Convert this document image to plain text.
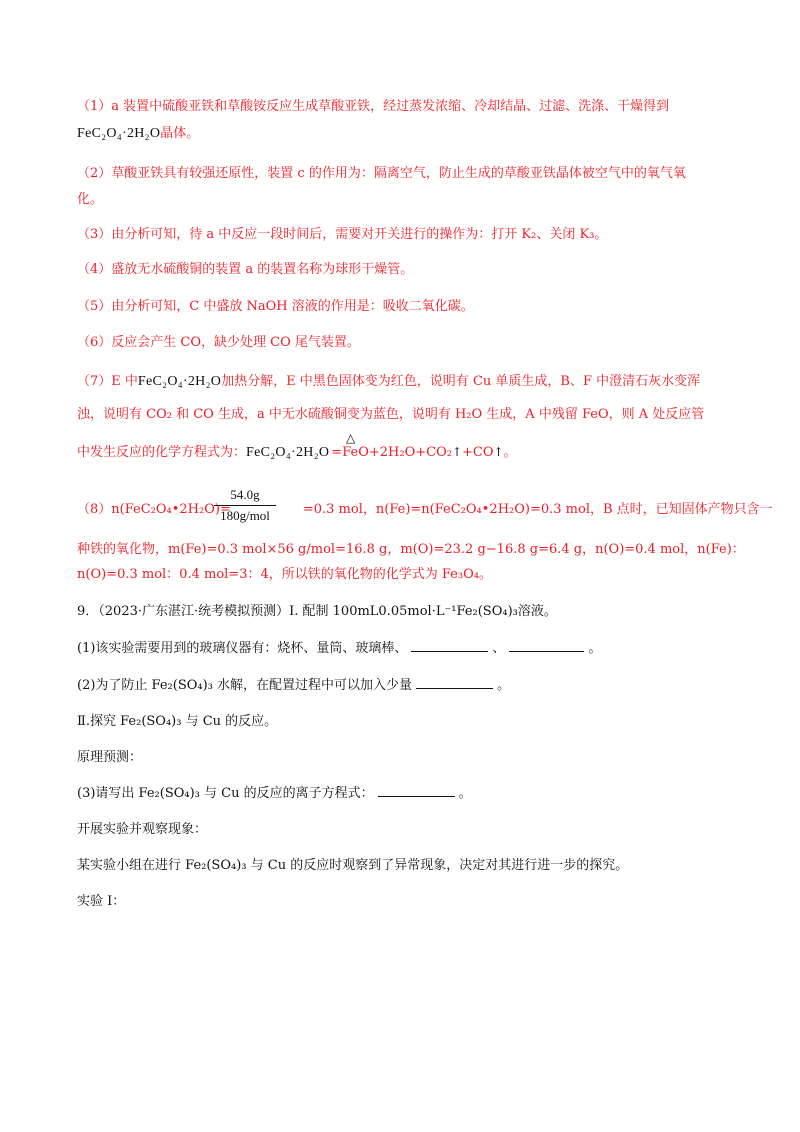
（1）a 装置中硫酸亚铁和草酸铵反应生成草酸亚铁，经过蒸发浓缩、冷却结晶、过滤、洗涤、干燥得到
FeC₂O₄·2H₂O晶体。
（2）草酸亚铁具有较强还原性，装置 c 的作用为：隔离空气，防止生成的草酸亚铁晶体被空气中的氧气氧
化。
（3）由分析可知，待 a 中反应一段时间后，需要对开关进行的操作为：打开 K₂、关闭 K₃。
（4）盛放无水硫酸铜的装置 a 的装置名称为球形干燥管。
（5）由分析可知，C 中盛放 NaOH 溶液的作用是：吸收二氧化碳。
（6）反应会产生 CO，缺少处理 CO 尾气装置。
（7）E 中FeC₂O₄·2H₂O加热分解，E 中黑色固体变为红色，说明有 Cu 单质生成，B、F 中澄清石灰水变浑
浊，说明有 CO₂ 和 CO 生成，a 中无水硫酸铜变为蓝色，说明有 H₂O 生成，A 中残留 FeO，则 A 处反应管
△
中发生反应的化学方程式为：FeC₂O₄·2H₂O =FeO+2H₂O+CO₂↑+CO↑。
54.0g
180g/mol
（8）n(FeC₂O₄•2H₂O)=	=0.3 mol，n(Fe)=n(FeC₂O₄•2H₂O)=0.3 mol，B 点时，已知固体产物只含一
种铁的氧化物，m(Fe)=0.3 mol×56 g/mol=16.8 g，m(O)=23.2 g−16.8 g=6.4 g，n(O)=0.4 mol，n(Fe)：
n(O)=0.3 mol：0.4 mol=3：4，所以铁的氧化物的化学式为 Fe₃O₄。
9．（2023·广东湛江·统考模拟预测）Ⅰ. 配制 100mL0.05mol·L⁻¹Fe₂(SO₄)₃溶液。
(1)该实验需要用到的玻璃仪器有：烧杯、量筒、玻璃棒、	、	。
(2)为了防止 Fe₂(SO₄)₃ 水解，在配置过程中可以加入少量	。
Ⅱ.探究 Fe₂(SO₄)₃ 与 Cu 的反应。
原理预测：
(3)请写出 Fe₂(SO₄)₃ 与 Cu 的反应的离子方程式：	。
开展实验并观察现象：
某实验小组在进行 Fe₂(SO₄)₃ 与 Cu 的反应时观察到了异常现象，决定对其进行进一步的探究。
实验 I：
